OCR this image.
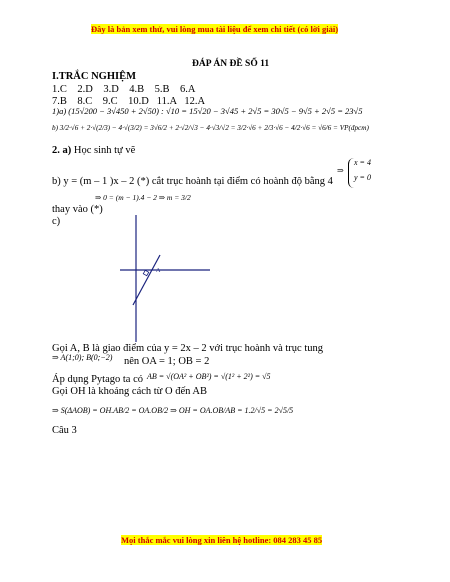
Đây là bản xem thử, vui lòng mua tài liệu để xem chi tiết (có lời giải)
ĐÁP ÁN ĐỀ SỐ 11
I.TRẮC NGHIỆM
1.C    2.D    3.D    4.B    5.B    6.A
7.B    8.C    9.C    10.D   11.A   12.A
1)a) (15√200 − 3√450 + 2√50) : √10 = 15√20 − 3√45 + 2√5 = 30√5 − 9√5 + 2√5 = 23√5
b) 3/2·√6 + 2·√(2/3) − 4·√(3/2) = 3√6/2 + 2·√2/√3 − 4·√3/√2 = 3/2·√6 + 2/3·√6 − 4/2·√6 = √6/6 = VP(đpcm)
2. a) Học sinh tự vẽ
⇒
x = 4
y = 0
b) y = (m – 1 )x – 2 (*) cắt trục hoành tại điểm có hoành độ bằng 4
⇒ 0 = (m − 1).4 − 2 ⇒ m = 3/2
thay vào (*)
c)
A
Gọi A, B là giao điểm của y = 2x – 2 với trục hoành và trục tung
⇒ A(1;0); B(0;−2) nên OA = 1; OB = 2
Áp dụng Pytago ta có AB = √(OA² + OB²) = √(1² + 2²) = √5
Gọi OH là khoảng cách từ O đến AB
⇒ S(ΔAOB) = OH.AB/2 = OA.OB/2 ⇒ OH = OA.OB/AB = 1.2/√5 = 2√5/5
Câu 3
Mọi thắc mắc vui lòng xin liên hệ hotline: 084 283 45 85
